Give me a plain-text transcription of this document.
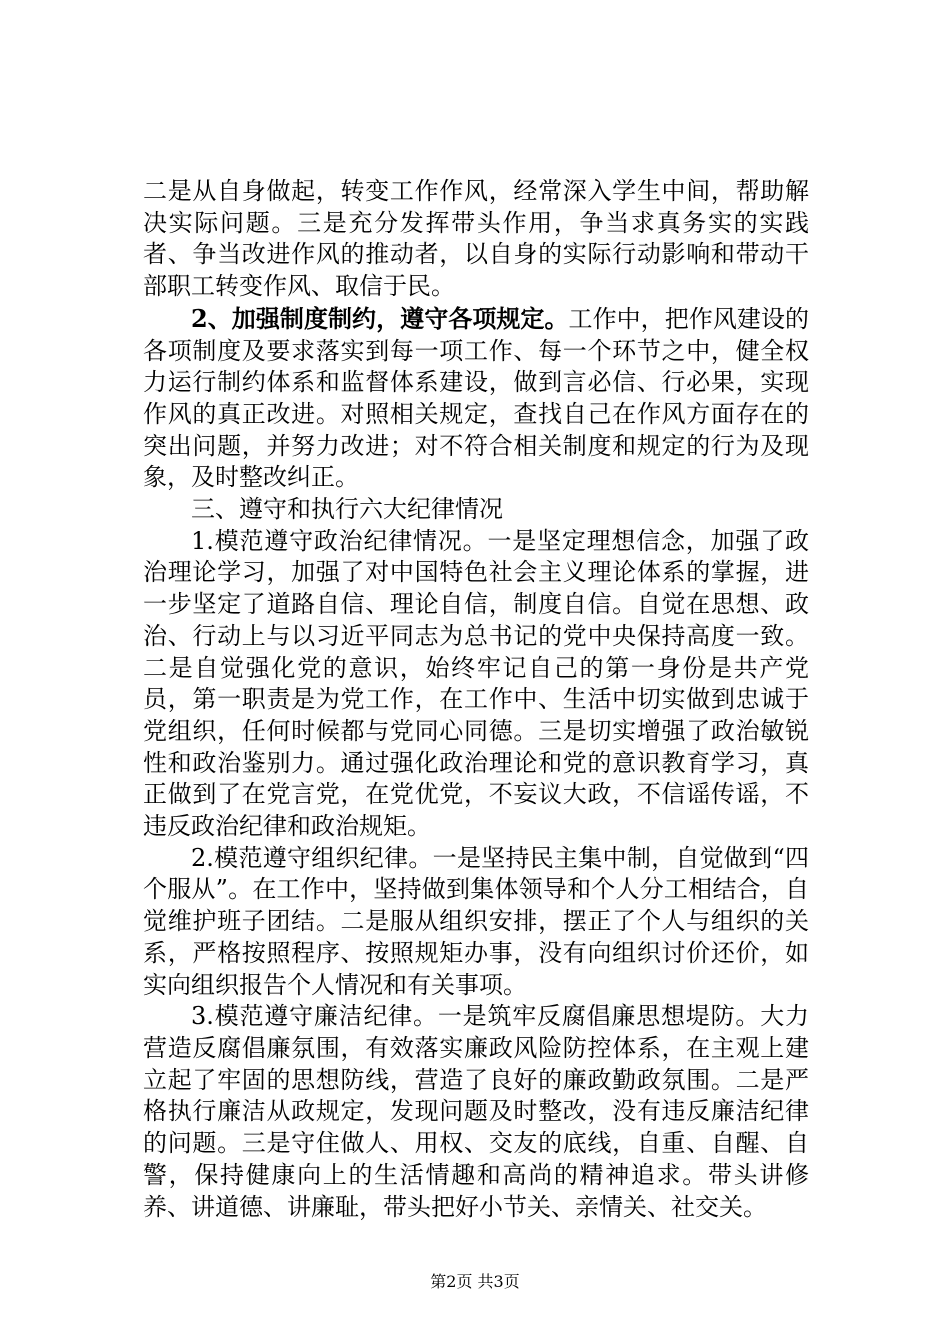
二是从自身做起，转变工作作风，经常深入学生中间，帮助解决实际问题。三是充分发挥带头作用，争当求真务实的实践者、争当改进作风的推动者，以自身的实际行动影响和带动干部职工转变作风、取信于民。

2、加强制度制约，遵守各项规定。工作中，把作风建设的各项制度及要求落实到每一项工作、每一个环节之中，健全权力运行制约体系和监督体系建设，做到言必信、行必果，实现作风的真正改进。对照相关规定，查找自己在作风方面存在的突出问题，并努力改进；对不符合相关制度和规定的行为及现象，及时整改纠正。

三、遵守和执行六大纪律情况

1.模范遵守政治纪律情况。一是坚定理想信念，加强了政治理论学习，加强了对中国特色社会主义理论体系的掌握，进一步坚定了道路自信、理论自信，制度自信。自觉在思想、政治、行动上与以习近平同志为总书记的党中央保持高度一致。二是自觉强化党的意识，始终牢记自己的第一身份是共产党员，第一职责是为党工作，在工作中、生活中切实做到忠诚于党组织，任何时候都与党同心同德。三是切实增强了政治敏锐性和政治鉴别力。通过强化政治理论和党的意识教育学习，真正做到了在党言党，在党优党，不妄议大政，不信谣传谣，不违反政治纪律和政治规矩。

2.模范遵守组织纪律。一是坚持民主集中制，自觉做到“四个服从”。在工作中，坚持做到集体领导和个人分工相结合，自觉维护班子团结。二是服从组织安排，摆正了个人与组织的关系，严格按照程序、按照规矩办事，没有向组织讨价还价，如实向组织报告个人情况和有关事项。

3.模范遵守廉洁纪律。一是筑牢反腐倡廉思想堤防。大力营造反腐倡廉氛围，有效落实廉政风险防控体系，在主观上建立起了牢固的思想防线，营造了良好的廉政勤政氛围。二是严格执行廉洁从政规定，发现问题及时整改，没有违反廉洁纪律的问题。三是守住做人、用权、交友的底线，自重、自醒、自警，保持健康向上的生活情趣和高尚的精神追求。带头讲修养、讲道德、讲廉耻，带头把好小节关、亲情关、社交关。

第2页 共3页
